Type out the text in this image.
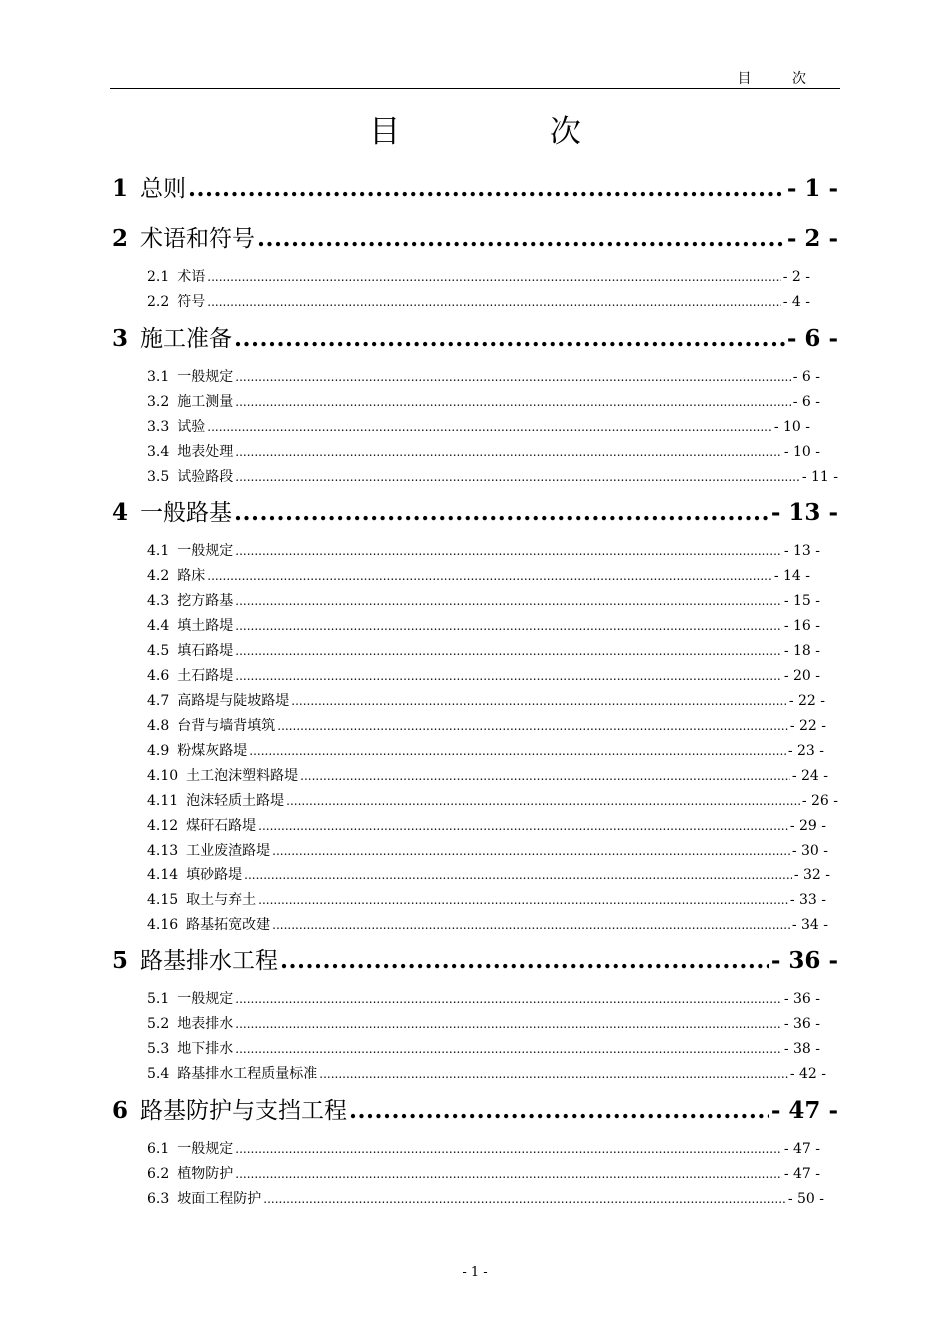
目 次
目 次
1 总则 .....	- 1 -
2 术语和符号 .....	- 2 -
2.1 术语 .....	- 2 -
2.2 符号 .....	- 4 -
3 施工准备 .....	- 6 -
3.1 一般规定 .....	- 6 -
3.2 施工测量 .....	- 6 -
3.3 试验 .....	- 10 -
3.4 地表处理 .....	- 10 -
3.5 试验路段 .....	- 11 -
4 一般路基 .....	- 13 -
4.1 一般规定 .....	- 13 -
4.2 路床 .....	- 14 -
4.3 挖方路基 .....	- 15 -
4.4 填土路堤 .....	- 16 -
4.5 填石路堤 .....	- 18 -
4.6 土石路堤 .....	- 20 -
4.7 高路堤与陡坡路堤 .....	- 22 -
4.8 台背与墙背填筑 .....	- 22 -
4.9 粉煤灰路堤 .....	- 23 -
4.10 土工泡沫塑料路堤 .....	- 24 -
4.11 泡沫轻质土路堤 .....	- 26 -
4.12 煤矸石路堤 .....	- 29 -
4.13 工业废渣路堤 .....	- 30 -
4.14 填砂路堤 .....	- 32 -
4.15 取土与弃土 .....	- 33 -
4.16 路基拓宽改建 .....	- 34 -
5 路基排水工程 .....	- 36 -
5.1 一般规定 .....	- 36 -
5.2 地表排水 .....	- 36 -
5.3 地下排水 .....	- 38 -
5.4 路基排水工程质量标准 .....	- 42 -
6 路基防护与支挡工程 .....	- 47 -
6.1 一般规定 .....	- 47 -
6.2 植物防护 .....	- 47 -
6.3 坡面工程防护 .....	- 50 -
- 1 -
